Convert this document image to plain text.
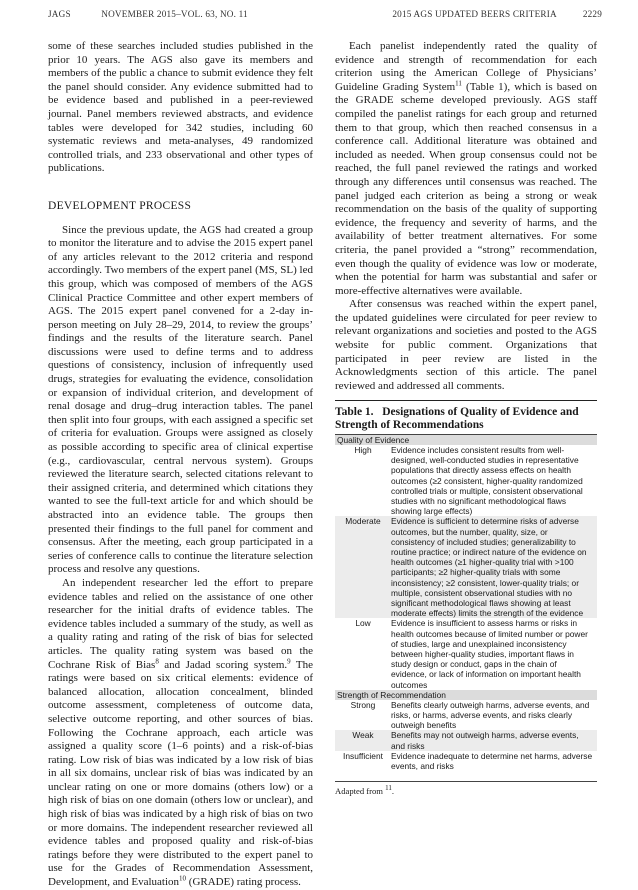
JAGS	NOVEMBER 2015–VOL. 63, NO. 11	2015 AGS UPDATED BEERS CRITERIA	2229

some of these searches included studies published in the prior 10 years. The AGS also gave its members and members of the public a chance to submit evidence they felt the panel should consider. Any evidence submitted had to be evidence based and published in a peer-reviewed journal. Panel members reviewed abstracts, and evidence tables were developed for 342 studies, including 60 systematic reviews and meta-analyses, 49 randomized controlled trials, and 233 observational and other types of publications.

DEVELOPMENT PROCESS

Since the previous update, the AGS had created a group to monitor the literature and to advise the 2015 expert panel of any articles relevant to the 2012 criteria and respond accordingly. Two members of the expert panel (MS, SL) led this group, which was composed of members of the AGS Clinical Practice Committee and other expert members of AGS. The 2015 expert panel convened for a 2-day in-person meeting on July 28–29, 2014, to review the groups’ findings and the results of the literature search. Panel discussions were used to define terms and to address questions of consistency, inclusion of infrequently used drugs, strategies for evaluating the evidence, consolidation or expansion of individual criterion, and development of renal dosage and drug–drug interaction tables. The panel then split into four groups, with each assigned a specific set of criteria for evaluation. Groups were assigned as closely as possible according to specific area of clinical expertise (e.g., cardiovascular, central nervous system). Groups reviewed the literature search, selected citations relevant to their assigned criteria, and determined which citations they wanted to see the full-text article for and which should be abstracted into an evidence table. The groups then presented their findings to the full panel for comment and consensus. After the meeting, each group participated in a series of conference calls to continue the literature selection process and resolve any questions.

An independent researcher led the effort to prepare evidence tables and relied on the assistance of one other researcher for the initial drafts of evidence tables. The evidence tables included a summary of the study, as well as a quality rating and rating of the risk of bias for selected articles. The quality rating system was based on the Cochrane Risk of Bias$^8$ and Jadad scoring system.$^9$ The ratings were based on six critical elements: evidence of balanced allocation, allocation concealment, blinded outcome assessment, completeness of outcome data, selective outcome reporting, and other sources of bias. Following the Cochrane approach, each article was assigned a quality score (1–6 points) and a risk-of-bias rating. Low risk of bias was indicated by a low risk of bias in all six domains, unclear risk of bias was indicated by an unclear rating on one or more domains (others low) or a high risk of bias on one domain (others low or unclear), and high risk of bias was indicated by a high risk of bias on two or more domains. The independent researcher reviewed all evidence tables and proposed quality and risk-of-bias ratings before they were distributed to the expert panel to use for the Grades of Recommendation Assessment, Development, and Evaluation$^{10}$ (GRADE) rating process.

Each panelist independently rated the quality of evidence and strength of recommendation for each criterion using the American College of Physicians’ Guideline Grading System$^{11}$ (Table 1), which is based on the GRADE scheme developed previously. AGS staff compiled the panelist ratings for each group and returned them to that group, which then reached consensus in a conference call. Additional literature was obtained and included as needed. When group consensus could not be reached, the full panel reviewed the ratings and worked through any differences until consensus was reached. The panel judged each criterion as being a strong or weak recommendation on the basis of the quality of supporting evidence, the frequency and severity of harms, and the availability of better treatment alternatives. For some criteria, the panel provided a “strong” recommendation, even though the quality of evidence was low or moderate, when the potential for harm was substantial and safer or more-effective alternatives were available.

After consensus was reached within the expert panel, the updated guidelines were circulated for peer review to relevant organizations and societies and posted to the AGS website for public comment. Organizations that participated in peer review are listed in the Acknowledgments section of this article. The panel reviewed and addressed all comments.

Table 1. Designations of Quality of Evidence and Strength of Recommendations
Quality of Evidence
High	Evidence includes consistent results from well-designed, well-conducted studies in representative populations that directly assess effects on health outcomes (≥2 consistent, higher-quality randomized controlled trials or multiple, consistent observational studies with no significant methodological flaws showing large effects)
Moderate	Evidence is sufficient to determine risks of adverse outcomes, but the number, quality, size, or consistency of included studies; generalizability to routine practice; or indirect nature of the evidence on health outcomes (≥1 higher-quality trial with >100 participants; ≥2 higher-quality trials with some inconsistency; ≥2 consistent, lower-quality trials; or multiple, consistent observational studies with no significant methodological flaws showing at least moderate effects) limits the strength of the evidence
Low	Evidence is insufficient to assess harms or risks in health outcomes because of limited number or power of studies, large and unexplained inconsistency between higher-quality studies, important flaws in study design or conduct, gaps in the chain of evidence, or lack of information on important health outcomes
Strength of Recommendation
Strong	Benefits clearly outweigh harms, adverse events, and risks, or harms, adverse events, and risks clearly outweigh benefits
Weak	Benefits may not outweigh harms, adverse events, and risks
Insufficient Evidence inadequate to determine net harms, adverse events, and risks
Adapted from $^{11}$.
